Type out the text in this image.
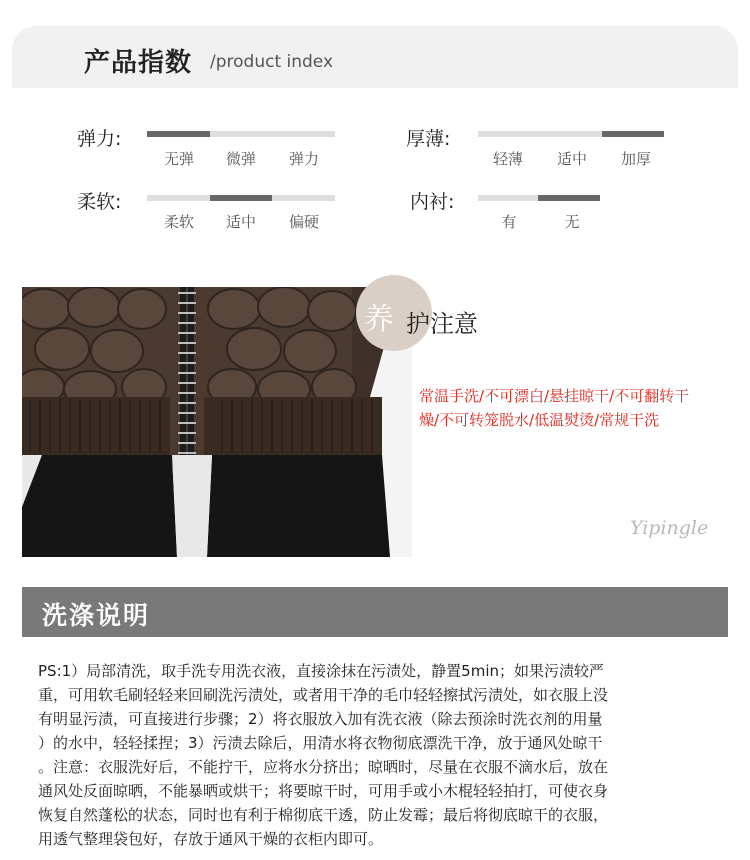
产品指数 /product index
弹力:
无弹	微弹	弹力
厚薄:
轻薄	适中	加厚
柔软:
柔软	适中	偏硬
内衬:
有	无
养 护注意
常温手洗/不可漂白/悬挂晾干/不可翻转干
燥/不可转笼脱水/低温熨烫/常规干洗
Yipingle
洗涤说明
PS:1）局部清洗，取手洗专用洗衣液，直接涂抹在污渍处，静置5min；如果污渍较严
重，可用软毛刷轻轻来回刷洗污渍处，或者用干净的毛巾轻轻擦拭污渍处，如衣服上没
有明显污渍，可直接进行步骤；2）将衣服放入加有洗衣液（除去预涂时洗衣剂的用量
）的水中，轻轻揉捏；3）污渍去除后，用清水将衣物彻底漂洗干净，放于通风处晾干
。注意：衣服洗好后，不能拧干，应将水分挤出；晾晒时，尽量在衣服不滴水后，放在
通风处反面晾晒，不能暴晒或烘干；将要晾干时，可用手或小木棍轻轻拍打，可使衣身
恢复自然蓬松的状态，同时也有利于棉彻底干透，防止发霉；最后将彻底晾干的衣服，
用透气整理袋包好，存放于通风干燥的衣柜内即可。
